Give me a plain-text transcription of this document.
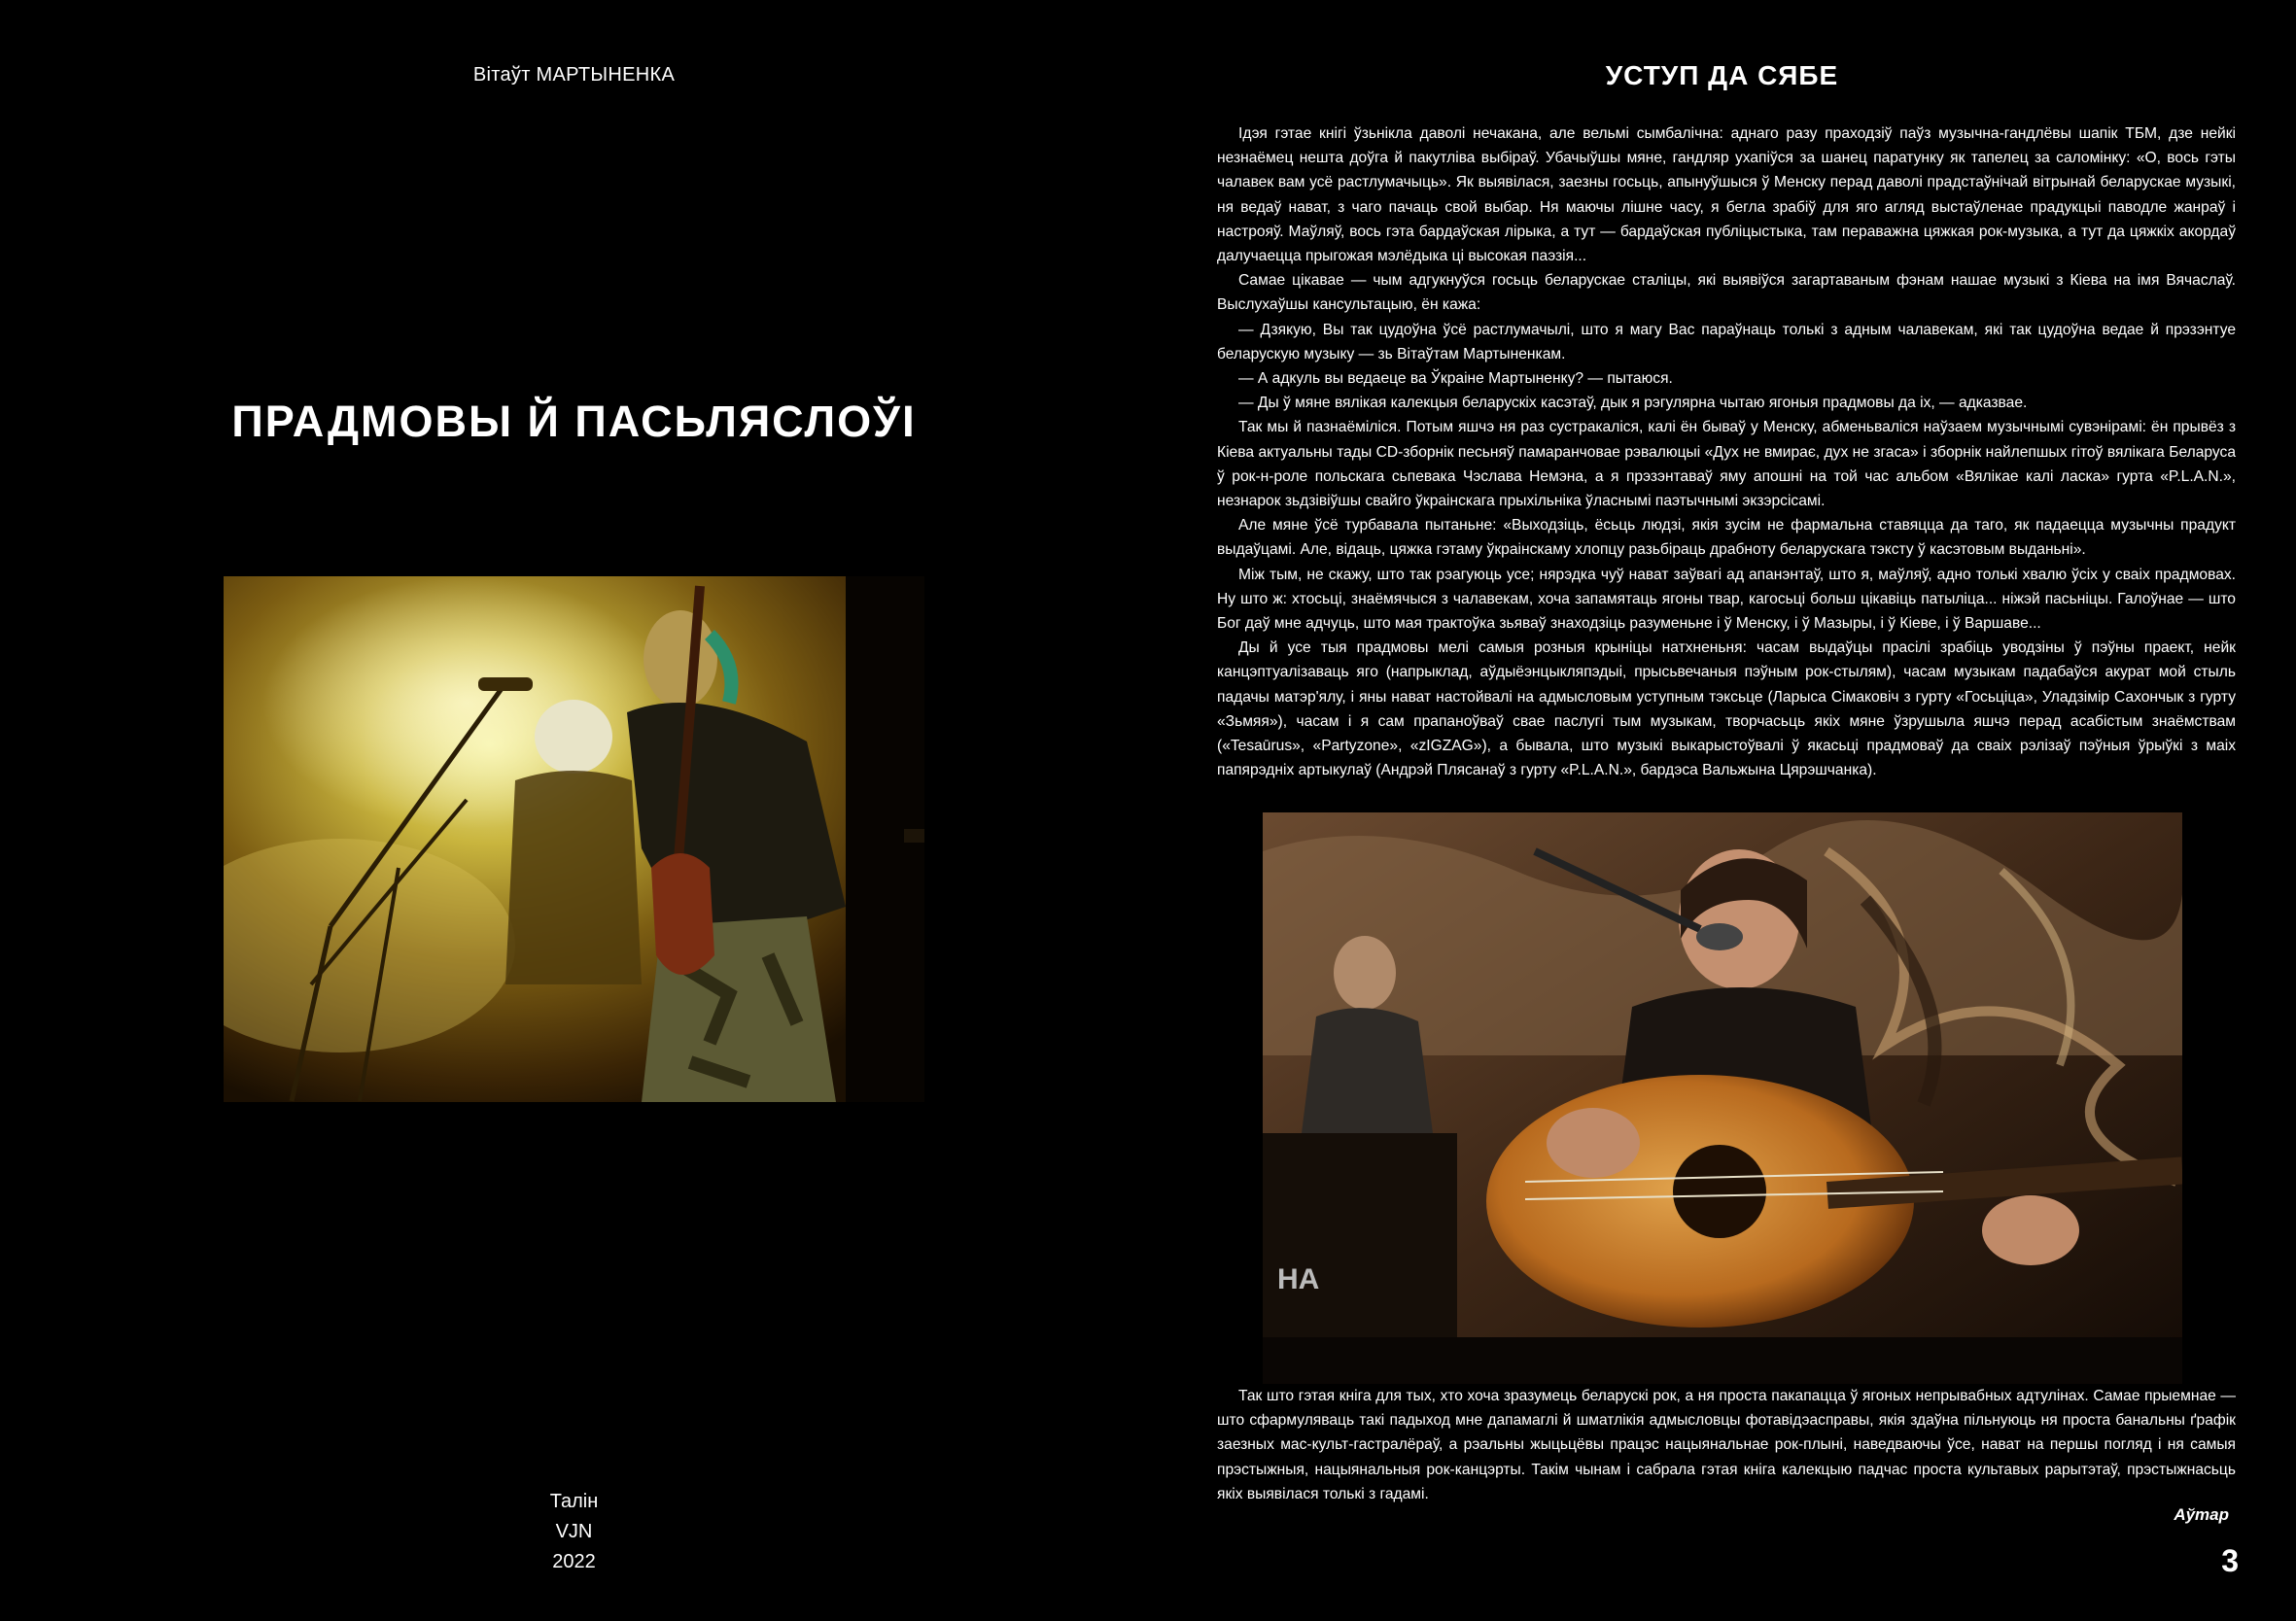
Вітаўт МАРТЫНЕНКА
ПРАДМОВЫ Й ПАСЬЛЯСЛОЎІ
Талін
VJN
2022
УСТУП ДА СЯБЕ

Ідэя гэтае кнігі ўзьнікла даволі нечакана, але вельмі сымбалічна: аднаго разу праходзіў паўз музычна-гандлёвы шапік ТБМ, дзе нейкі незнаёмец нешта доўга й пакутліва выбіраў. Убачыўшы мяне, гандляр ухапіўся за шанец паратунку як тапелец за саломінку: «О, вось гэты чалавек вам усё растлумачыць». Як выявілася, заезны госьць, апынуўшыся ў Менску перад даволі прадстаўнічай вітрынай беларускае музыкі, ня ведаў нават, з чаго пачаць свой выбар. Ня маючы лішне часу, я бегла зрабіў для яго агляд выстаўленае прадукцыі паводле жанраў і настрояў. Маўляў, вось гэта бардаўская лірыка, а тут — бардаўская публіцыстыка, там пераважна цяжкая рок-музыка, а тут да цяжкіх акордаў далучаецца прыгожая мэлёдыка ці высокая паэзія...

Самае цікавае — чым адгукнуўся госьць беларускае сталіцы, які выявіўся загартаваным фэнам нашае музыкі з Кіева на імя Вячаслаў. Выслухаўшы кансультацыю, ён кажа:

— Дзякую, Вы так цудоўна ўсё растлумачылі, што я магу Вас параўнаць толькі з адным чалавекам, які так цудоўна ведае й прэзэнтуе беларускую музыку — зь Вітаўтам Мартыненкам.

— А адкуль вы ведаеце ва Ўкраіне Мартыненку? — пытаюся.

— Ды ў мяне вялікая калекцыя беларускіх касэтаў, дык я рэгулярна чытаю ягоныя прадмовы да іх, — адказвае.

Так мы й пазнаёміліся. Потым яшчэ ня раз сустракаліся, калі ён бываў у Менску, абменьваліся наўзаем музычнымі сувэнірамі: ён прывёз з Кіева актуальны тады CD-зборнік песьняў памаранчовае рэвалюцыі «Дух не вмирає, дух не згаса» і зборнік найлепшых гітоў вялікага Беларуса ў рок-н-роле польскага сьпевака Чэслава Немэна, а я прэзэнтаваў яму апошні на той час альбом «Вялікае калі ласка» гурта «P.L.A.N.», незнарок зьдзівіўшы свайго ўкраінскага прыхільніка ўласнымі паэтычнымі экзэрсісамі.

Але мяне ўсё турбавала пытаньне: «Выходзіць, ёсьць людзі, якія зусім не фармальна ставяцца да таго, як падаецца музычны прадукт выдаўцамі. Але, відаць, цяжка гэтаму ўкраінскаму хлопцу разьбіраць драбноту беларускага тэксту ў касэтовым выданьні».

Між тым, не скажу, што так рэагуюць усе; нярэдка чуў нават заўвагі ад апанэнтаў, што я, маўляў, адно толькі хвалю ўсіх у сваіх прадмовах. Ну што ж: хтосьці, знаёмячыся з чалавекам, хоча запамятаць ягоны твар, кагосьці больш цікавіць патыліца... ніжэй пасьніцы. Галоўнае — што Бог даў мне адчуць, што мая трактоўка зьяваў знаходзіць разуменьне і ў Менску, і ў Мазыры, і ў Кіеве, і ў Варшаве...

Ды й усе тыя прадмовы мелі самыя розныя крыніцы натхненьня: часам выдаўцы прасілі зрабіць уводзіны ў пэўны праект, нейк канцэптуалізаваць яго (напрыклад, аўдыёэнцыкляпэдыі, прысьвечаныя пэўным рок-стылям), часам музыкам падабаўся акурат мой стыль падачы матэр'ялу, і яны нават настойвалі на адмысловым уступным тэксьце (Ларыса Сімаковіч з гурту «Госьціца», Уладзімір Сахончык з гурту «Зьмяя»), часам і я сам прапаноўваў свае паслугі тым музыкам, творчасьць якіх мяне ўзрушыла яшчэ перад асабістым знаёмствам («Tesaūrus», «Partyzone», «zIGZAG»), а бывала, што музыкі выкарыстоўвалі ў якасьці прадмоваў да сваіх рэлізаў пэўныя ўрыўкі з маіх папярэдніх артыкулаў (Андрэй Плясанаў з гурту «P.L.A.N.», бардэса Вальжына Цярэшчанка).

НА

Так што гэтая кніга для тых, хто хоча зразумець беларускі рок, а ня проста пакапацца ў ягоных непрывабных адтулінах. Самае прыемнае — што сфармуляваць такі падыход мне дапамаглі й шматлікія адмысловцы фотавідэасправы, якія здаўна пільнуюць ня проста банальны ґрафік заезных мас-культ-гастралёраў, а рэальны жыцьцёвы працэс нацыянальнае рок-плыні, наведваючы ўсе, нават на першы погляд і ня самыя прэстыжныя, нацыянальныя рок-канцэрты. Такім чынам і сабрала гэтая кніга калекцыю падчас проста культавых рарытэтаў, прэстыжнасьць якіх выявілася толькі з гадамі.

Аўтар
3
